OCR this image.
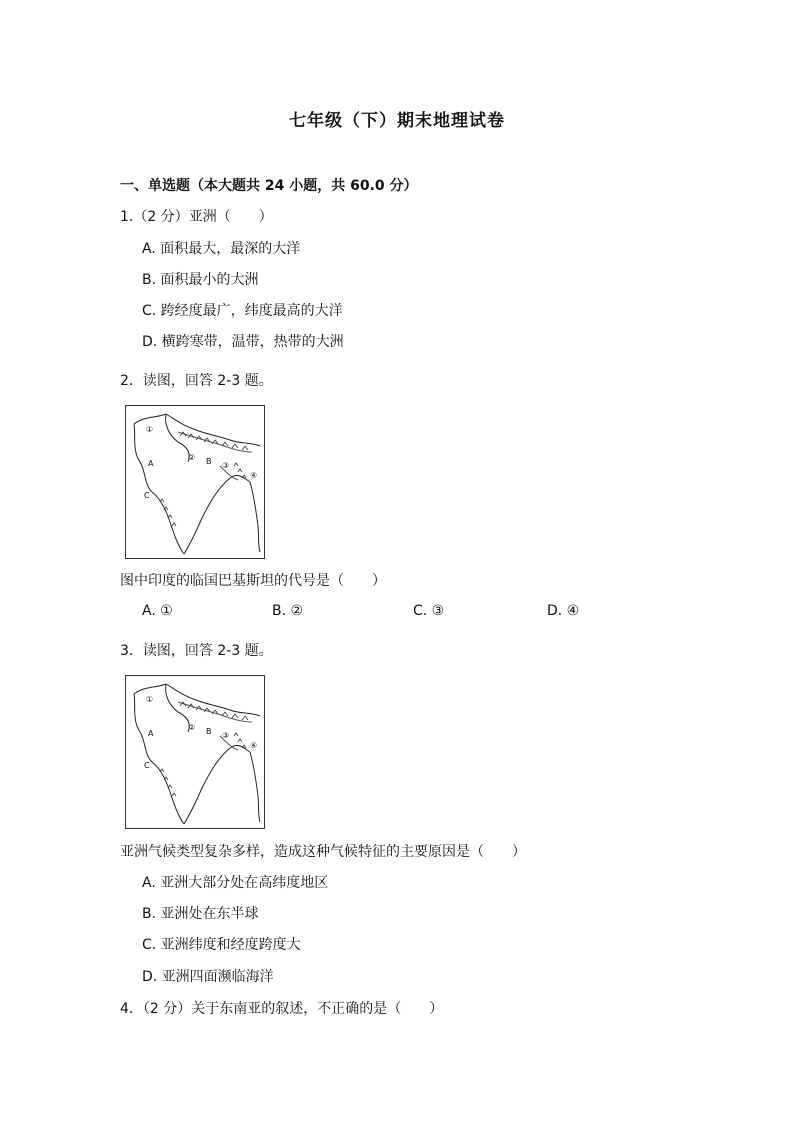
七年级（下）期末地理试卷
一、单选题（本大题共 24 小题，共 60.0 分）
1.（2 分）亚洲（　　）
A. 面积最大，最深的大洋
B. 面积最小的大洲
C. 跨经度最广，纬度最高的大洋
D. 横跨寒带，温带，热带的大洲
2．读图，回答 2-3 题。
①
②
③
④
A	B
C
图中印度的临国巴基斯坦的代号是（　　）
A. ①	B. ②	C. ③	D. ④
3．读图，回答 2-3 题。
①
②
③
④
A	B
C
亚洲气候类型复杂多样，造成这种气候特征的主要原因是（　　）
A. 亚洲大部分处在高纬度地区
B. 亚洲处在东半球
C. 亚洲纬度和经度跨度大
D. 亚洲四面濒临海洋
4．（2 分）关于东南亚的叙述，不正确的是（　　）
